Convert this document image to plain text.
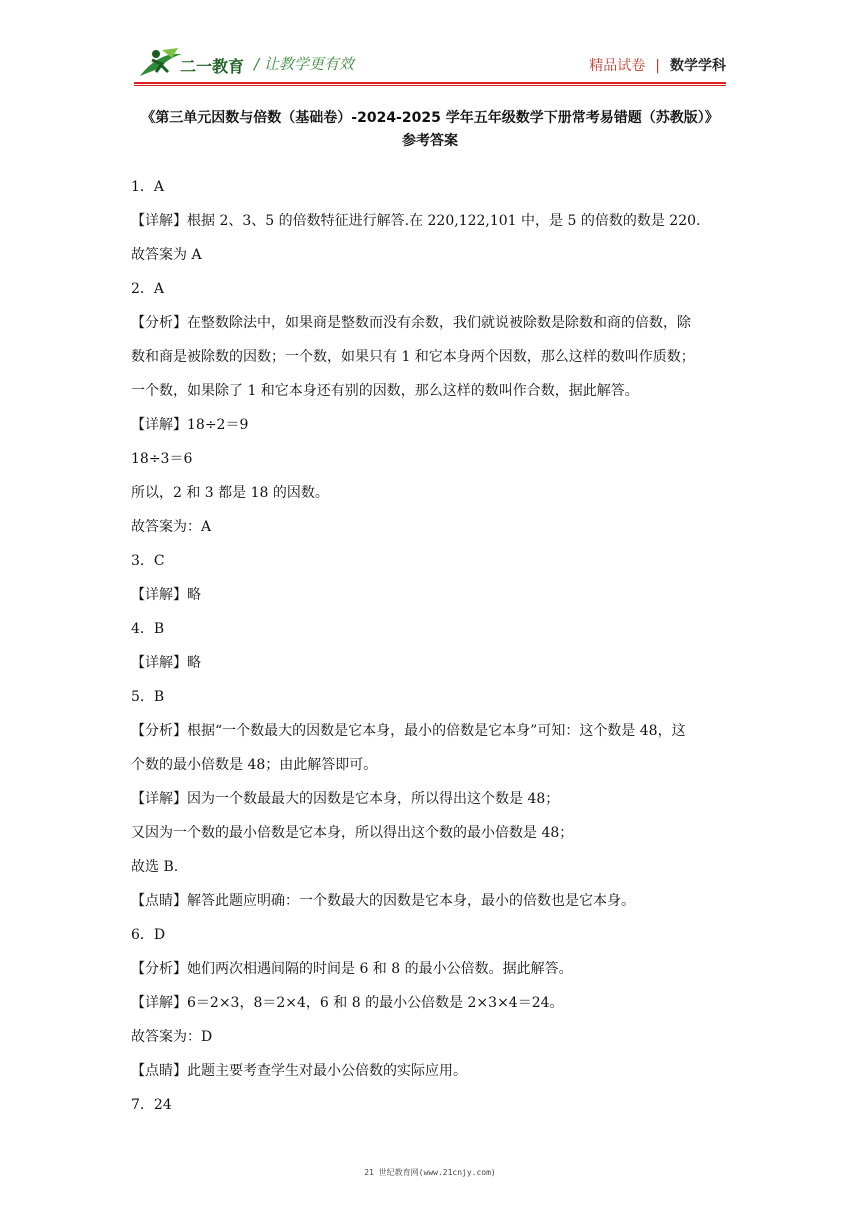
二一教育 / 让教学更有效	精品试卷 | 数学学科
《第三单元因数与倍数（基础卷）-2024-2025 学年五年级数学下册常考易错题（苏教版）》
参考答案
1．A
【详解】根据 2、3、5 的倍数特征进行解答.在 220,122,101 中，是 5 的倍数的数是 220.
故答案为 A
2．A
【分析】在整数除法中，如果商是整数而没有余数，我们就说被除数是除数和商的倍数，除
数和商是被除数的因数；一个数，如果只有 1 和它本身两个因数，那么这样的数叫作质数；
一个数，如果除了 1 和它本身还有别的因数，那么这样的数叫作合数，据此解答。
【详解】18÷2＝9
18÷3＝6
所以，2 和 3 都是 18 的因数。
故答案为：A
3．C
【详解】略
4．B
【详解】略
5．B
【分析】根据“一个数最大的因数是它本身，最小的倍数是它本身”可知：这个数是 48，这
个数的最小倍数是 48；由此解答即可。
【详解】因为一个数最最大的因数是它本身，所以得出这个数是 48；
又因为一个数的最小倍数是它本身，所以得出这个数的最小倍数是 48；
故选 B.
【点睛】解答此题应明确：一个数最大的因数是它本身，最小的倍数也是它本身。
6．D
【分析】她们两次相遇间隔的时间是 6 和 8 的最小公倍数。据此解答。
【详解】6＝2×3，8＝2×4，6 和 8 的最小公倍数是 2×3×4＝24。
故答案为：D
【点睛】此题主要考查学生对最小公倍数的实际应用。
7．24
21 世纪教育网(www.21cnjy.com)
